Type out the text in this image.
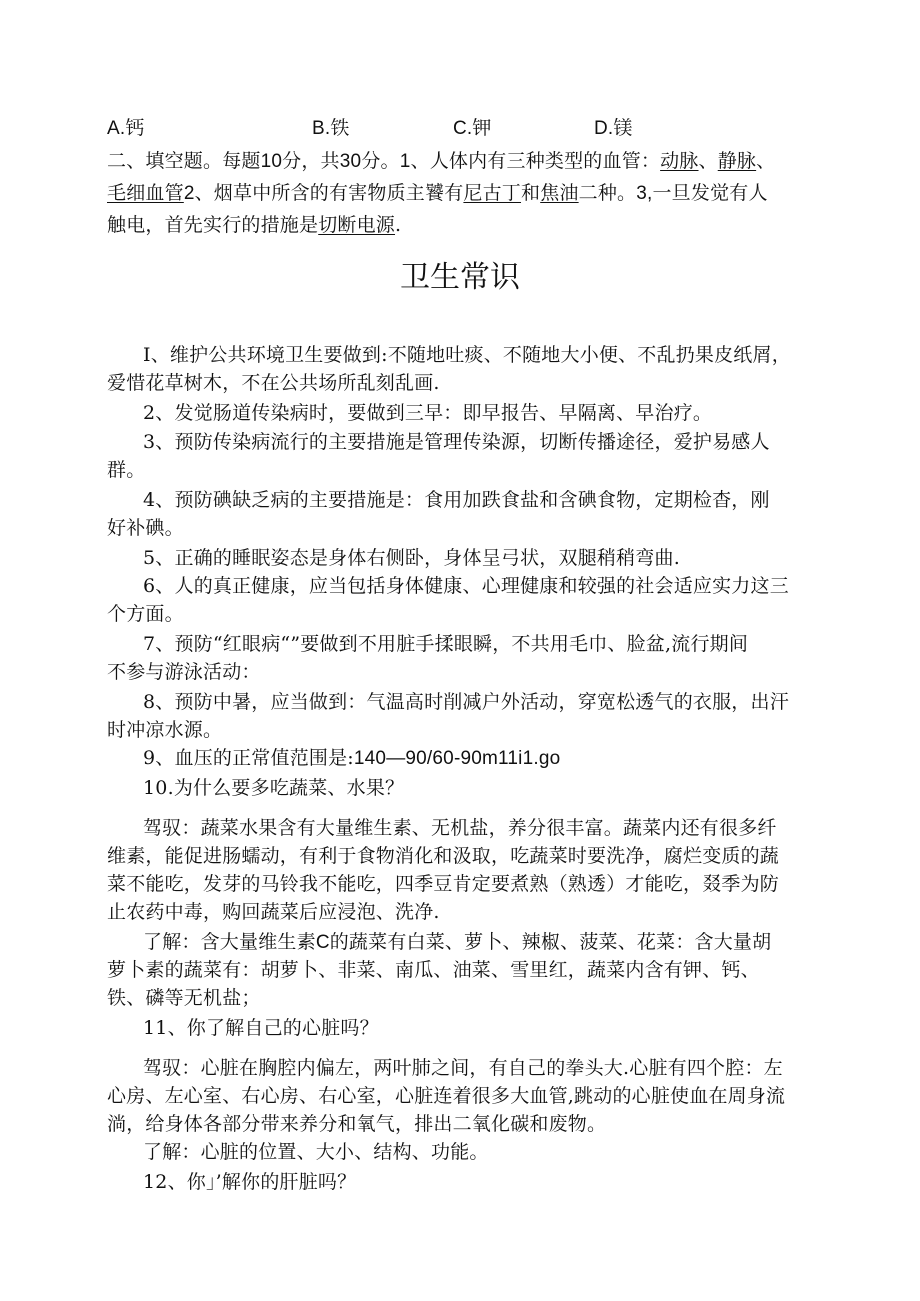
A.钙	B.铁	C.钾	D.镁
二、填空题。每题10分，共30分。1、人体内有三种类型的血管：动脉、静脉、
毛细血管2、烟草中所含的有害物质主饕有尼古丁和焦油二种。3,一旦发觉有人
触电，首先实行的措施是切断电源.
卫生常识
I、维护公共环境卫生要做到:不随地吐痰、不随地大小便、不乱扔果皮纸屑，
爱惜花草树木，不在公共场所乱刻乱画.
2、发觉肠道传染病时，要做到三早：即早报告、早隔离、早治疗。
3、预防传染病流行的主要措施是管理传染源，切断传播途径，爱护易感人
群。
4、预防碘缺乏病的主要措施是：食用加跌食盐和含碘食物，定期检杳，刚
好补碘。
5、正确的睡眠姿态是身体右侧卧，身体呈弓状，双腿稍稍弯曲.
6、人的真正健康，应当包括身体健康、心理健康和较强的社会适应实力这三
个方面。
7、预防“红眼病“”要做到不用脏手揉眼瞬，不共用毛巾、脸盆,流行期间
不参与游泳活动：
8、预防中暑，应当做到：气温高时削减户外活动，穿宽松透气的衣服，出汗
时冲凉水源。
9、血压的正常值范围是:140—90/60-90m11i1.go
10.为什么要多吃蔬菜、水果？
驾驭：蔬菜水果含有大量维生素、无机盐，养分很丰富。蔬菜内还有很多纤
维素，能促进肠蠕动，有利于食物消化和汲取，吃蔬菜时要洗净，腐烂变质的蔬
菜不能吃，发芽的马铃我不能吃，四季豆肯定要煮熟（熟透）才能吃，叕季为防
止农药中毒，购回蔬菜后应浸泡、洗净.
了解：含大量维生素C的蔬菜有白菜、萝卜、辣椒、菠菜、花菜：含大量胡
萝卜素的蔬菜有：胡萝卜、非菜、南瓜、油菜、雪里红，蔬菜内含有钾、钙、
铁、磷等无机盐；
11、你了解自己的心脏吗？
驾驭：心脏在胸腔内偏左，两叶肺之间，有自己的拳头大.心脏有四个腔：左
心房、左心室、右心房、右心室，心脏连着很多大血管,跳动的心脏使血在周身流
淌，给身体各部分带来养分和氧气，排出二氧化碳和废物。
了解：心脏的位置、大小、结构、功能。
12、你」’解你的肝脏吗？
